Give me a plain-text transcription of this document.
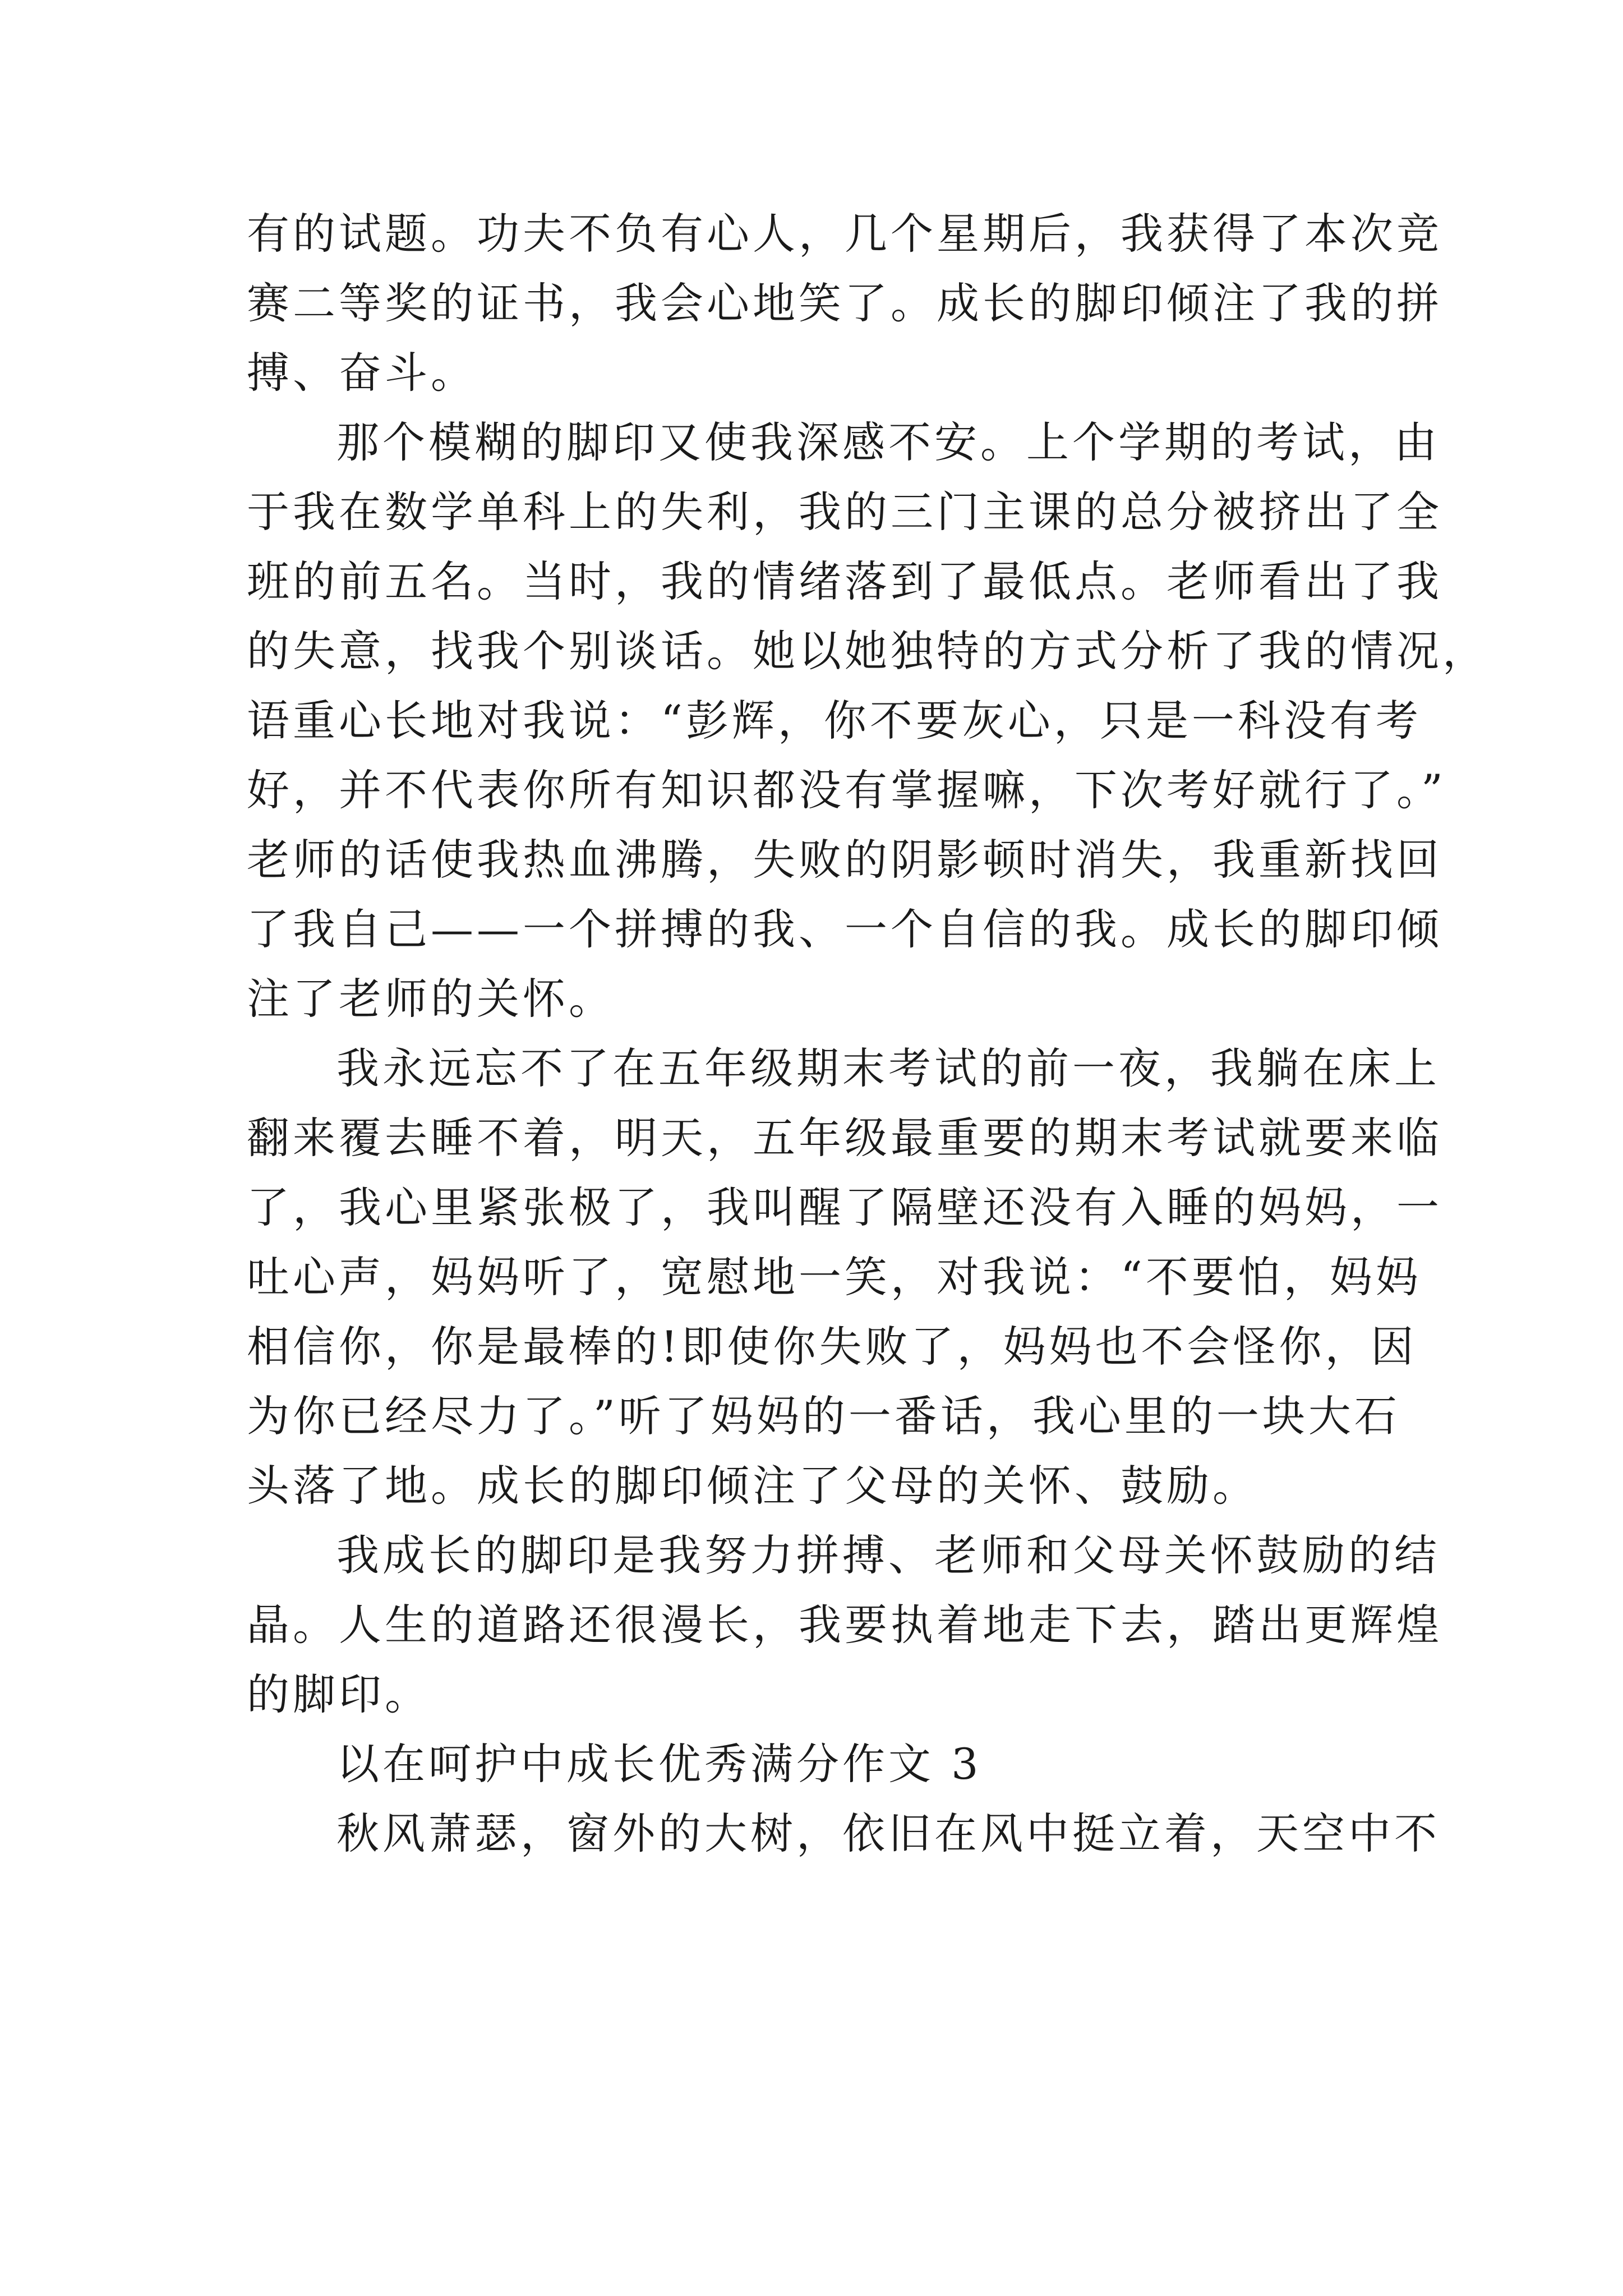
有的试题。功夫不负有心人，几个星期后，我获得了本次竞
赛二等奖的证书，我会心地笑了。成长的脚印倾注了我的拼
搏、奋斗。
那个模糊的脚印又使我深感不安。上个学期的考试，由
于我在数学单科上的失利，我的三门主课的总分被挤出了全
班的前五名。当时，我的情绪落到了最低点。老师看出了我
的失意，找我个别谈话。她以她独特的方式分析了我的情况，
语重心长地对我说：“彭辉，你不要灰心，只是一科没有考
好，并不代表你所有知识都没有掌握嘛，下次考好就行了。”
老师的话使我热血沸腾，失败的阴影顿时消失，我重新找回
了我自己——一个拼搏的我、一个自信的我。成长的脚印倾
注了老师的关怀。
我永远忘不了在五年级期末考试的前一夜，我躺在床上
翻来覆去睡不着，明天，五年级最重要的期末考试就要来临
了，我心里紧张极了，我叫醒了隔壁还没有入睡的妈妈，一
吐心声，妈妈听了，宽慰地一笑，对我说：“不要怕，妈妈
相信你，你是最棒的!即使你失败了，妈妈也不会怪你，因
为你已经尽力了。”听了妈妈的一番话，我心里的一块大石
头落了地。成长的脚印倾注了父母的关怀、鼓励。
我成长的脚印是我努力拼搏、老师和父母关怀鼓励的结
晶。人生的道路还很漫长，我要执着地走下去，踏出更辉煌
的脚印。
以在呵护中成长优秀满分作文 3
秋风萧瑟，窗外的大树，依旧在风中挺立着，天空中不
